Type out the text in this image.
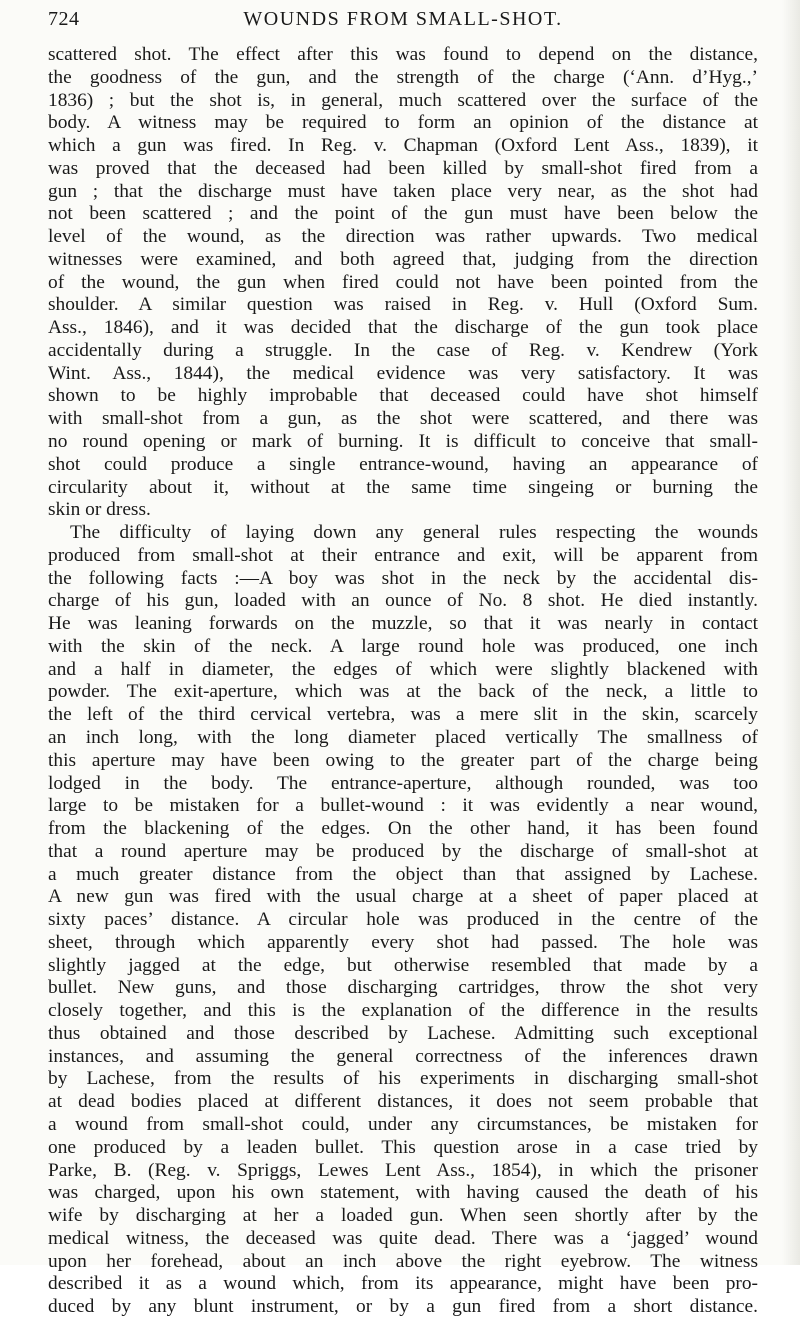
724	WOUNDS FROM SMALL-SHOT.
scattered shot. The effect after this was found to depend on the distance,
the goodness of the gun, and the strength of the charge (‘Ann. d’Hyg.,’
1836) ; but the shot is, in general, much scattered over the surface of the
body. A witness may be required to form an opinion of the distance at
which a gun was fired. In Reg. v. Chapman (Oxford Lent Ass., 1839), it
was proved that the deceased had been killed by small-shot fired from a
gun ; that the discharge must have taken place very near, as the shot had
not been scattered ; and the point of the gun must have been below the
level of the wound, as the direction was rather upwards. Two medical
witnesses were examined, and both agreed that, judging from the direction
of the wound, the gun when fired could not have been pointed from the
shoulder. A similar question was raised in Reg. v. Hull (Oxford Sum.
Ass., 1846), and it was decided that the discharge of the gun took place
accidentally during a struggle. In the case of Reg. v. Kendrew (York
Wint. Ass., 1844), the medical evidence was very satisfactory. It was
shown to be highly improbable that deceased could have shot himself
with small-shot from a gun, as the shot were scattered, and there was
no round opening or mark of burning. It is difficult to conceive that small-
shot could produce a single entrance-wound, having an appearance of
circularity about it, without at the same time singeing or burning the
skin or dress.
The difficulty of laying down any general rules respecting the wounds
produced from small-shot at their entrance and exit, will be apparent from
the following facts :—A boy was shot in the neck by the accidental dis-
charge of his gun, loaded with an ounce of No. 8 shot. He died instantly.
He was leaning forwards on the muzzle, so that it was nearly in contact
with the skin of the neck. A large round hole was produced, one inch
and a half in diameter, the edges of which were slightly blackened with
powder. The exit-aperture, which was at the back of the neck, a little to
the left of the third cervical vertebra, was a mere slit in the skin, scarcely
an inch long, with the long diameter placed vertically The smallness of
this aperture may have been owing to the greater part of the charge being
lodged in the body. The entrance-aperture, although rounded, was too
large to be mistaken for a bullet-wound : it was evidently a near wound,
from the blackening of the edges. On the other hand, it has been found
that a round aperture may be produced by the discharge of small-shot at
a much greater distance from the object than that assigned by Lachese.
A new gun was fired with the usual charge at a sheet of paper placed at
sixty paces’ distance. A circular hole was produced in the centre of the
sheet, through which apparently every shot had passed. The hole was
slightly jagged at the edge, but otherwise resembled that made by a
bullet. New guns, and those discharging cartridges, throw the shot very
closely together, and this is the explanation of the difference in the results
thus obtained and those described by Lachese. Admitting such exceptional
instances, and assuming the general correctness of the inferences drawn
by Lachese, from the results of his experiments in discharging small-shot
at dead bodies placed at different distances, it does not seem probable that
a wound from small-shot could, under any circumstances, be mistaken for
one produced by a leaden bullet. This question arose in a case tried by
Parke, B. (Reg. v. Spriggs, Lewes Lent Ass., 1854), in which the prisoner
was charged, upon his own statement, with having caused the death of his
wife by discharging at her a loaded gun. When seen shortly after by the
medical witness, the deceased was quite dead. There was a ‘jagged’ wound
upon her forehead, about an inch above the right eyebrow. The witness
described it as a wound which, from its appearance, might have been pro-
duced by any blunt instrument, or by a gun fired from a short distance.
